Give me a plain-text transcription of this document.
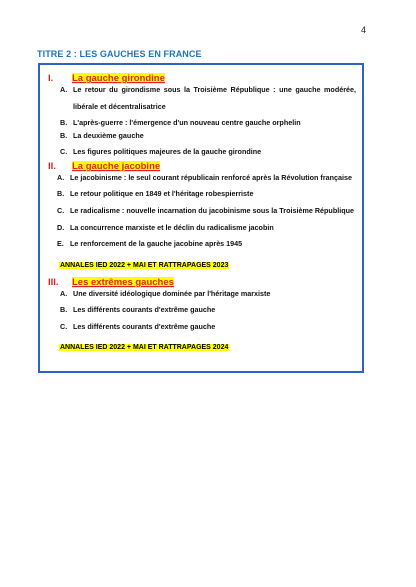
4
TITRE 2 : LES GAUCHES EN FRANCE
I. La gauche girondine
A. Le retour du girondisme sous la Troisième République : une gauche modérée,
libérale et décentralisatrice
B. L'après-guerre : l'émergence d'un nouveau centre gauche orphelin
B. La deuxième gauche
C. Les figures politiques majeures de la gauche girondine
II. La gauche jacobine
A. Le jacobinisme : le seul courant républicain renforcé après la Révolution française
B. Le retour politique en 1849 et l'héritage robespierriste
C. Le radicalisme : nouvelle incarnation du jacobinisme sous la Troisième République
D. La concurrence marxiste et le déclin du radicalisme jacobin
E. Le renforcement de la gauche jacobine après 1945
ANNALES IED 2022 + MAI ET RATTRAPAGES 2023
III. Les extrêmes gauches
A. Une diversité idéologique dominée par l'héritage marxiste
B. Les différents courants d'extrême gauche
C. Les différents courants d'extrême gauche
ANNALES IED 2022 + MAI ET RATTRAPAGES 2024
